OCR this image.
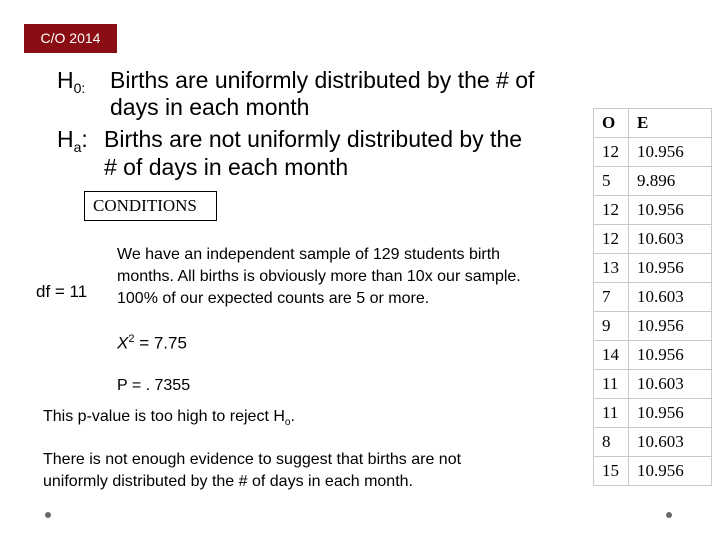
C/O 2014
$H_{0:}$ Births are uniformly distributed by the # of
days in each month
$H_a$: Births are not uniformly distributed by the
# of days in each month
CONDITIONS
df = 11
We have an independent sample of 129 students birth
months. All births is obviously more than 10x our sample.
100% of our expected counts are 5 or more.
$X^2 = 7.75$
P = . 7355
This p-value is too high to reject $H_o$.
There is not enough evidence to suggest that births are not
uniformly distributed by the # of days in each month.
O	E
12	10.956
5	9.896
12	10.956
12	10.603
13	10.956
7	10.603
9	10.956
14	10.956
11	10.603
11	10.956
8	10.603
15	10.956
